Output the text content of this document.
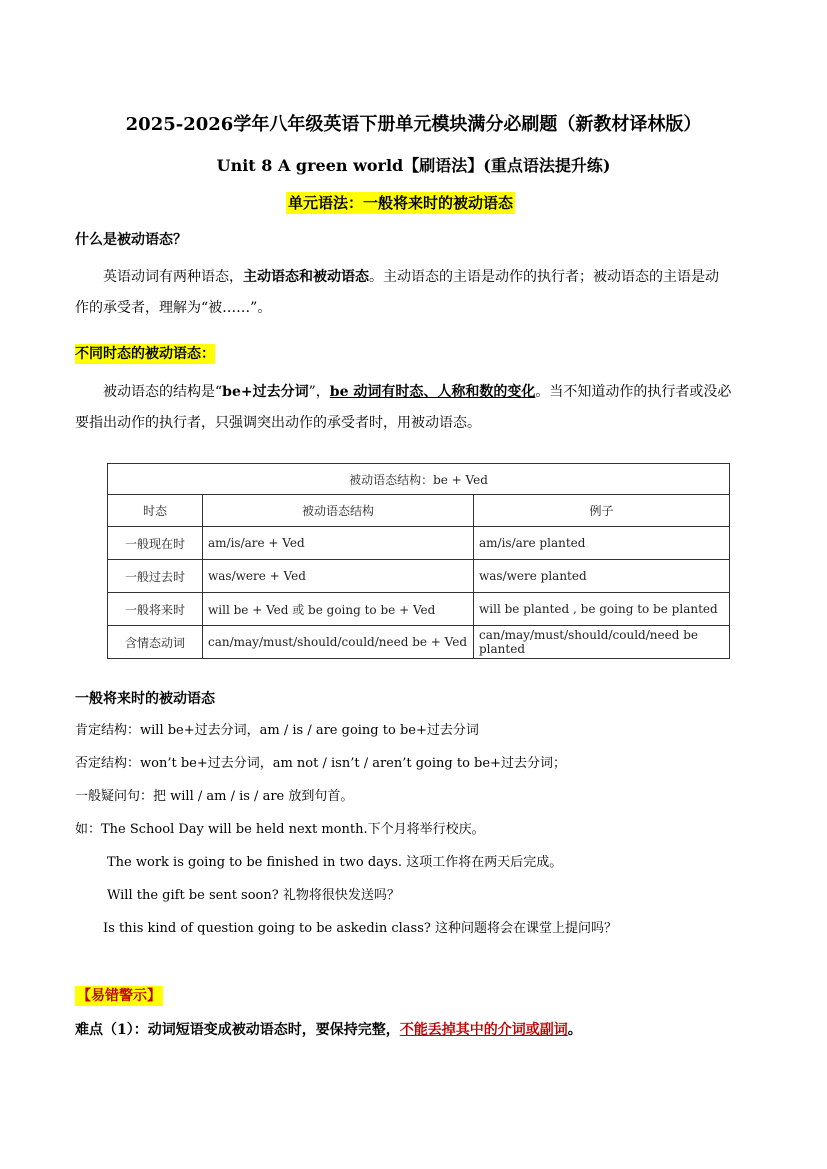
2025-2026学年八年级英语下册单元模块满分必刷题（新教材译林版）
Unit 8 A green world【刷语法】(重点语法提升练)
单元语法：一般将来时的被动语态
什么是被动语态？
英语动词有两种语态，主动语态和被动语态。主动语态的主语是动作的执行者；被动语态的主语是动
作的承受者，理解为“被……”。
不同时态的被动语态：
被动语态的结构是“be+过去分词”，be 动词有时态、人称和数的变化。当不知道动作的执行者或没必
要指出动作的执行者，只强调突出动作的承受者时，用被动语态。
被动语态结构：be + Ved		
时态	被动语态结构	例子
一般现在时	am/is/are + Ved	am/is/are planted
一般过去时	was/were + Ved	was/were planted
一般将来时	will be + Ved 或 be going to be + Ved	will be planted , be going to be planted
含情态动词	can/may/must/should/could/need be + Ved	can/may/must/should/could/need be planted
一般将来时的被动语态
肯定结构：will be+过去分词，am / is / are going to be+过去分词
否定结构：won’t be+过去分词，am not / isn’t / aren’t going to be+过去分词；
一般疑问句：把 will / am / is / are 放到句首。
如：The School Day will be held next month.下个月将举行校庆。
The work is going to be finished in two days. 这项工作将在两天后完成。
Will the gift be sent soon? 礼物将很快发送吗？
Is this kind of question going to be askedin class? 这种问题将会在课堂上提问吗？
【易错警示】
难点（1）：动词短语变成被动语态时，要保持完整，不能丢掉其中的介词或副词。
